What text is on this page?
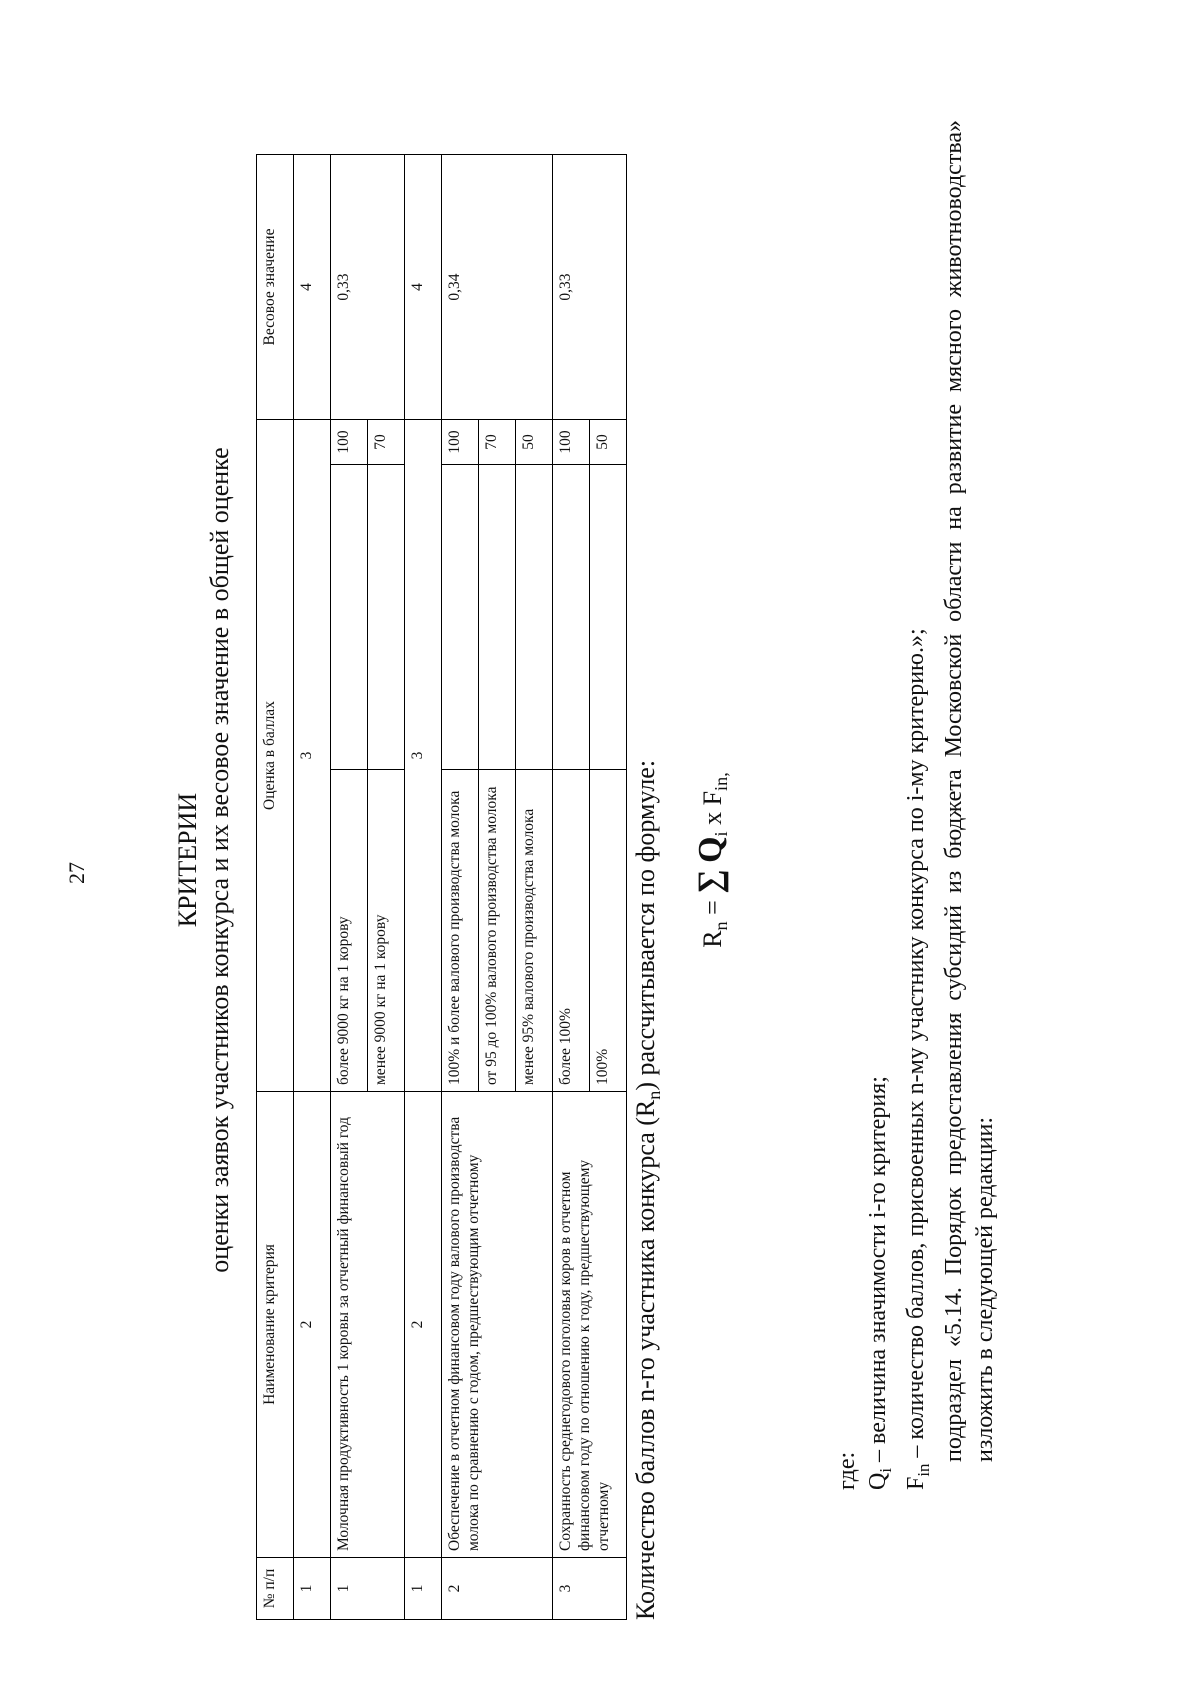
27	КРИТЕРИИ оценки заявок участников конкурса и их весовое значение в общей оценке
№ п/п	Наименование критерия	Оценка в баллах			Весовое значение
1	2	3			4
1	Молочная продуктивность 1 коровы за отчетный финансовый год	более 9000 кг на 1 корову		100	0,33
		менее 9000 кг на 1 корову		70	
1	2	3			4
2	Обеспечение в отчетном финансовом году валового производства молока по сравнению с годом, предшествующим отчетному	100% и более валового производства молока		100	0,34
		от 95 до 100% валового производства молока		70	
		менее 95% валового производства молока		50	
3	Сохранность среднегодового поголовья коров в отчетном финансовом году по отношению к году, предшествующему отчетному	более 100%		100	0,33
		100%		50	
Количество баллов n-го участника конкурса $(R_n)$ рассчитывается по формуле:	$R_n$ = ∑ $Q_i$ x $F_{in,}$
где: $Q_i$ – величина значимости i-го критерия;
$F_{in}$ – количество баллов, присвоенных n-му участнику конкурса по i-му критерию.»; подраздел «5.14. Порядок предоставления субсидий из бюджета Московской области на развитие мясного животноводства» изложить в следующей редакции:
